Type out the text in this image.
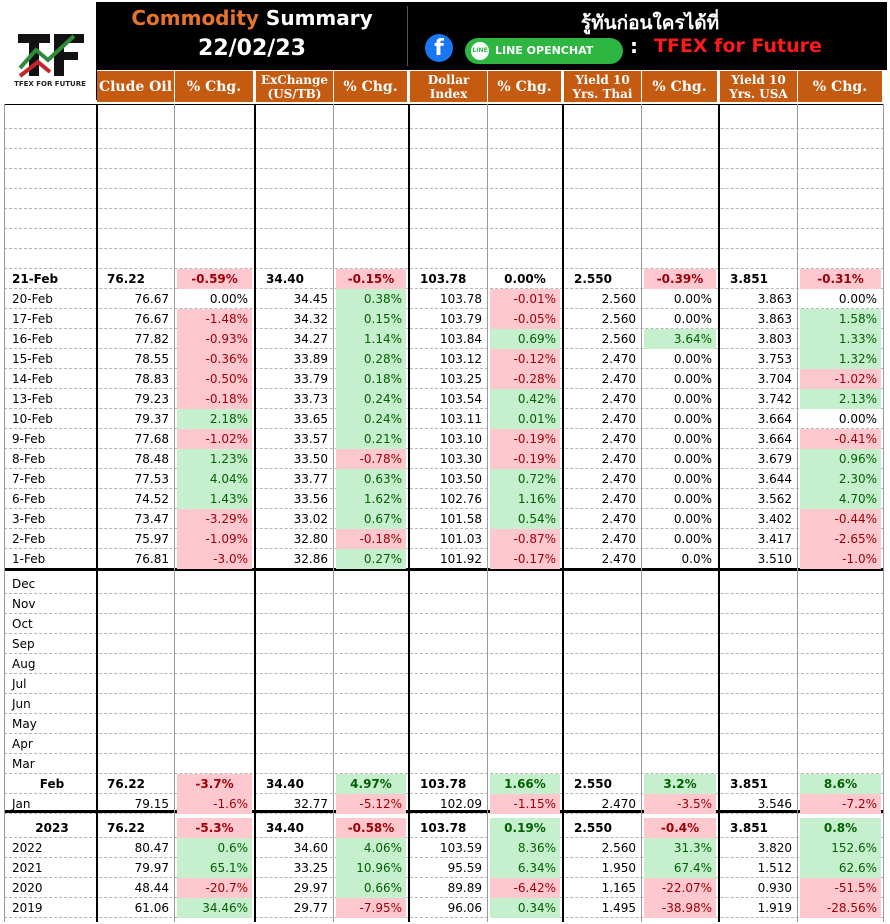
TFEX FOR FUTURE
Commodity Summary
22/02/23
รู้ทันก่อนใครได้ที่
f	LINE LINE OPENCHAT : TFEX for Future
Clude Oil	% Chg.	ExChange (US/TB)	% Chg.	Dollar Index	% Chg.	Yield 10 Yrs. Thai	% Chg.	Yield 10 Yrs. USA	% Chg.
21-Feb	76.22	-0.59%	34.40	-0.15%	103.78	0.00%	2.550	-0.39%	3.851	-0.31%
20-Feb	76.67	0.00%	34.45	0.38%	103.78	-0.01%	2.560	0.00%	3.863	0.00%
17-Feb	76.67	-1.48%	34.32	0.15%	103.79	-0.05%	2.560	0.00%	3.863	1.58%
16-Feb	77.82	-0.93%	34.27	1.14%	103.84	0.69%	2.560	3.64%	3.803	1.33%
15-Feb	78.55	-0.36%	33.89	0.28%	103.12	-0.12%	2.470	0.00%	3.753	1.32%
14-Feb	78.83	-0.50%	33.79	0.18%	103.25	-0.28%	2.470	0.00%	3.704	-1.02%
13-Feb	79.23	-0.18%	33.73	0.24%	103.54	0.42%	2.470	0.00%	3.742	2.13%
10-Feb	79.37	2.18%	33.65	0.24%	103.11	0.01%	2.470	0.00%	3.664	0.00%
9-Feb	77.68	-1.02%	33.57	0.21%	103.10	-0.19%	2.470	0.00%	3.664	-0.41%
8-Feb	78.48	1.23%	33.50	-0.78%	103.30	-0.19%	2.470	0.00%	3.679	0.96%
7-Feb	77.53	4.04%	33.77	0.63%	103.50	0.72%	2.470	0.00%	3.644	2.30%
6-Feb	74.52	1.43%	33.56	1.62%	102.76	1.16%	2.470	0.00%	3.562	4.70%
3-Feb	73.47	-3.29%	33.02	0.67%	101.58	0.54%	2.470	0.00%	3.402	-0.44%
2-Feb	75.97	-1.09%	32.80	-0.18%	101.03	-0.87%	2.470	0.00%	3.417	-2.65%
1-Feb	76.81	-3.0%	32.86	0.27%	101.92	-0.17%	2.470	0.0%	3.510	-1.0%
Dec
Nov
Oct
Sep
Aug
Jul
Jun
May
Apr
Mar
Feb	76.22	-3.7%	34.40	4.97%	103.78	1.66%	2.550	3.2%	3.851	8.6%
Jan	79.15	-1.6%	32.77	-5.12%	102.09	-1.15%	2.470	-3.5%	3.546	-7.2%
2023	76.22	-5.3%	34.40	-0.58%	103.78	0.19%	2.550	-0.4%	3.851	0.8%
2022	80.47	0.6%	34.60	4.06%	103.59	8.36%	2.560	31.3%	3.820	152.6%
2021	79.97	65.1%	33.25	10.96%	95.59	6.34%	1.950	67.4%	1.512	62.6%
2020	48.44	-20.7%	29.97	0.66%	89.89	-6.42%	1.165	-22.07%	0.930	-51.5%
2019	61.06	34.46%	29.77	-7.95%	96.06	0.34%	1.495	-38.98%	1.919	-28.56%
